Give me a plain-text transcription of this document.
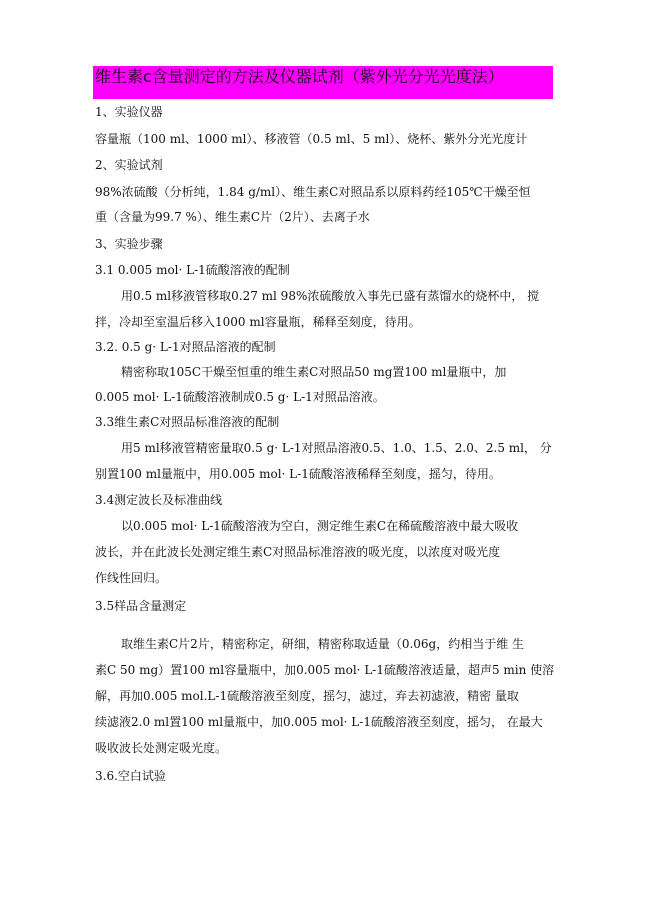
维生素c含量测定的方法及仪器试剂（紫外光分光光度法）
1、实验仪器
容量瓶（100 ml、1000 ml）、移液管（0.5 ml、5 ml）、烧杯、紫外分光光度计
2、实验试剂
98%浓硫酸（分析纯，1.84 g/ml）、维生素C对照品系以原料药经105℃干燥至恒
重（含量为99.7 %）、维生素C片（2片）、去离子水
3、实验步骤
3.1 0.005 mol· L-1硫酸溶液的配制
用0.5 ml移液管移取0.27 ml 98%浓硫酸放入事先已盛有蒸馏水的烧杯中， 搅
拌，冷却至室温后移入1000 ml容量瓶，稀释至刻度，待用。
3.2. 0.5 g· L-1对照品溶液的配制
精密称取105C干燥至恒重的维生素C对照品50 mg置100 ml量瓶中，加
0.005 mol· L-1硫酸溶液制成0.5 g· L-1对照品溶液。
3.3维生素C对照品标准溶液的配制
用5 ml移液管精密量取0.5 g· L-1对照品溶液0.5、1.0、1.5、2.0、2.5 ml， 分
别置100 ml量瓶中，用0.005 mol· L-1硫酸溶液稀释至刻度，摇匀，待用。
3.4测定波长及标准曲线
以0.005 mol· L-1硫酸溶液为空白，测定维生素C在稀硫酸溶液中最大吸收
波长，并在此波长处测定维生素C对照品标准溶液的吸光度，以浓度对吸光度
作线性回归。
3.5样品含量测定
取维生素C片2片，精密称定，研细，精密称取适量（0.06g，约相当于维 生
素C 50 mg）置100 ml容量瓶中，加0.005 mol· L-1硫酸溶液适量，超声5 min 使溶
解，再加0.005 mol.L-1硫酸溶液至刻度，摇匀，滤过，弃去初滤液，精密 量取
续滤液2.0 ml置100 ml量瓶中，加0.005 mol· L-1硫酸溶液至刻度，摇匀， 在最大
吸收波长处测定吸光度。
3.6.空白试验
